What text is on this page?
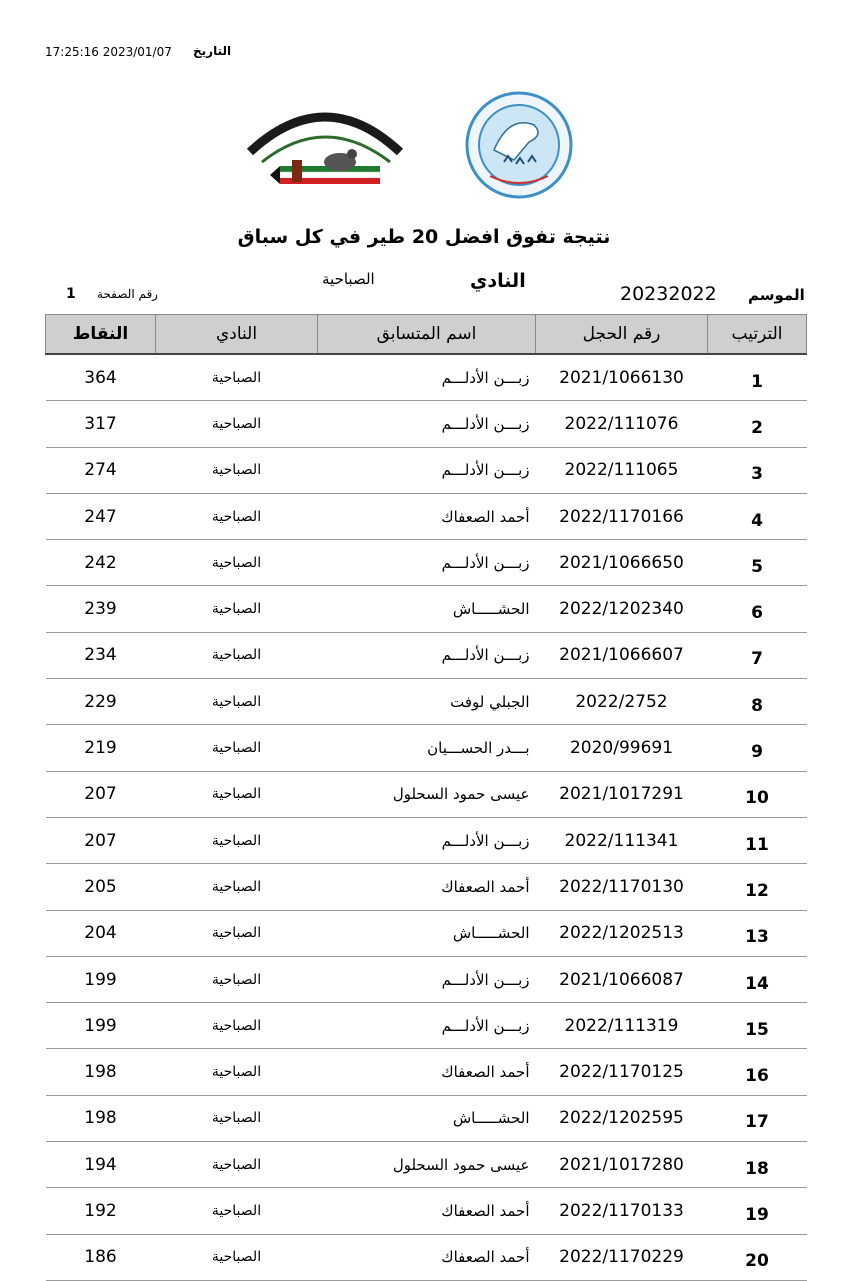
التاريخ
17:25:16 2023/01/07
نتيجة تفوق افضل 20 طير في كل سباق
الموسم
20232022
النادي
الصباحية
رقم الصفحة
1
النقاط	النادي	اسم المتسابق	رقم الحجل	الترتيب
364	الصباحية	زبـــن الأدلـــم	2021/1066130	1
317	الصباحية	زبـــن الأدلـــم	2022/111076	2
274	الصباحية	زبـــن الأدلـــم	2022/111065	3
247	الصباحية	أحمد الصعفاك	2022/1170166	4
242	الصباحية	زبـــن الأدلـــم	2021/1066650	5
239	الصباحية	الحشـــــاش	2022/1202340	6
234	الصباحية	زبـــن الأدلـــم	2021/1066607	7
229	الصباحية	الجبلي لوفت	2022/2752	8
219	الصباحية	بـــدر الحســـيان	2020/99691	9
207	الصباحية	عيسى حمود السحلول	2021/1017291	10
207	الصباحية	زبـــن الأدلـــم	2022/111341	11
205	الصباحية	أحمد الصعفاك	2022/1170130	12
204	الصباحية	الحشـــــاش	2022/1202513	13
199	الصباحية	زبـــن الأدلـــم	2021/1066087	14
199	الصباحية	زبـــن الأدلـــم	2022/111319	15
198	الصباحية	أحمد الصعفاك	2022/1170125	16
198	الصباحية	الحشـــــاش	2022/1202595	17
194	الصباحية	عيسى حمود السحلول	2021/1017280	18
192	الصباحية	أحمد الصعفاك	2022/1170133	19
186	الصباحية	أحمد الصعفاك	2022/1170229	20
